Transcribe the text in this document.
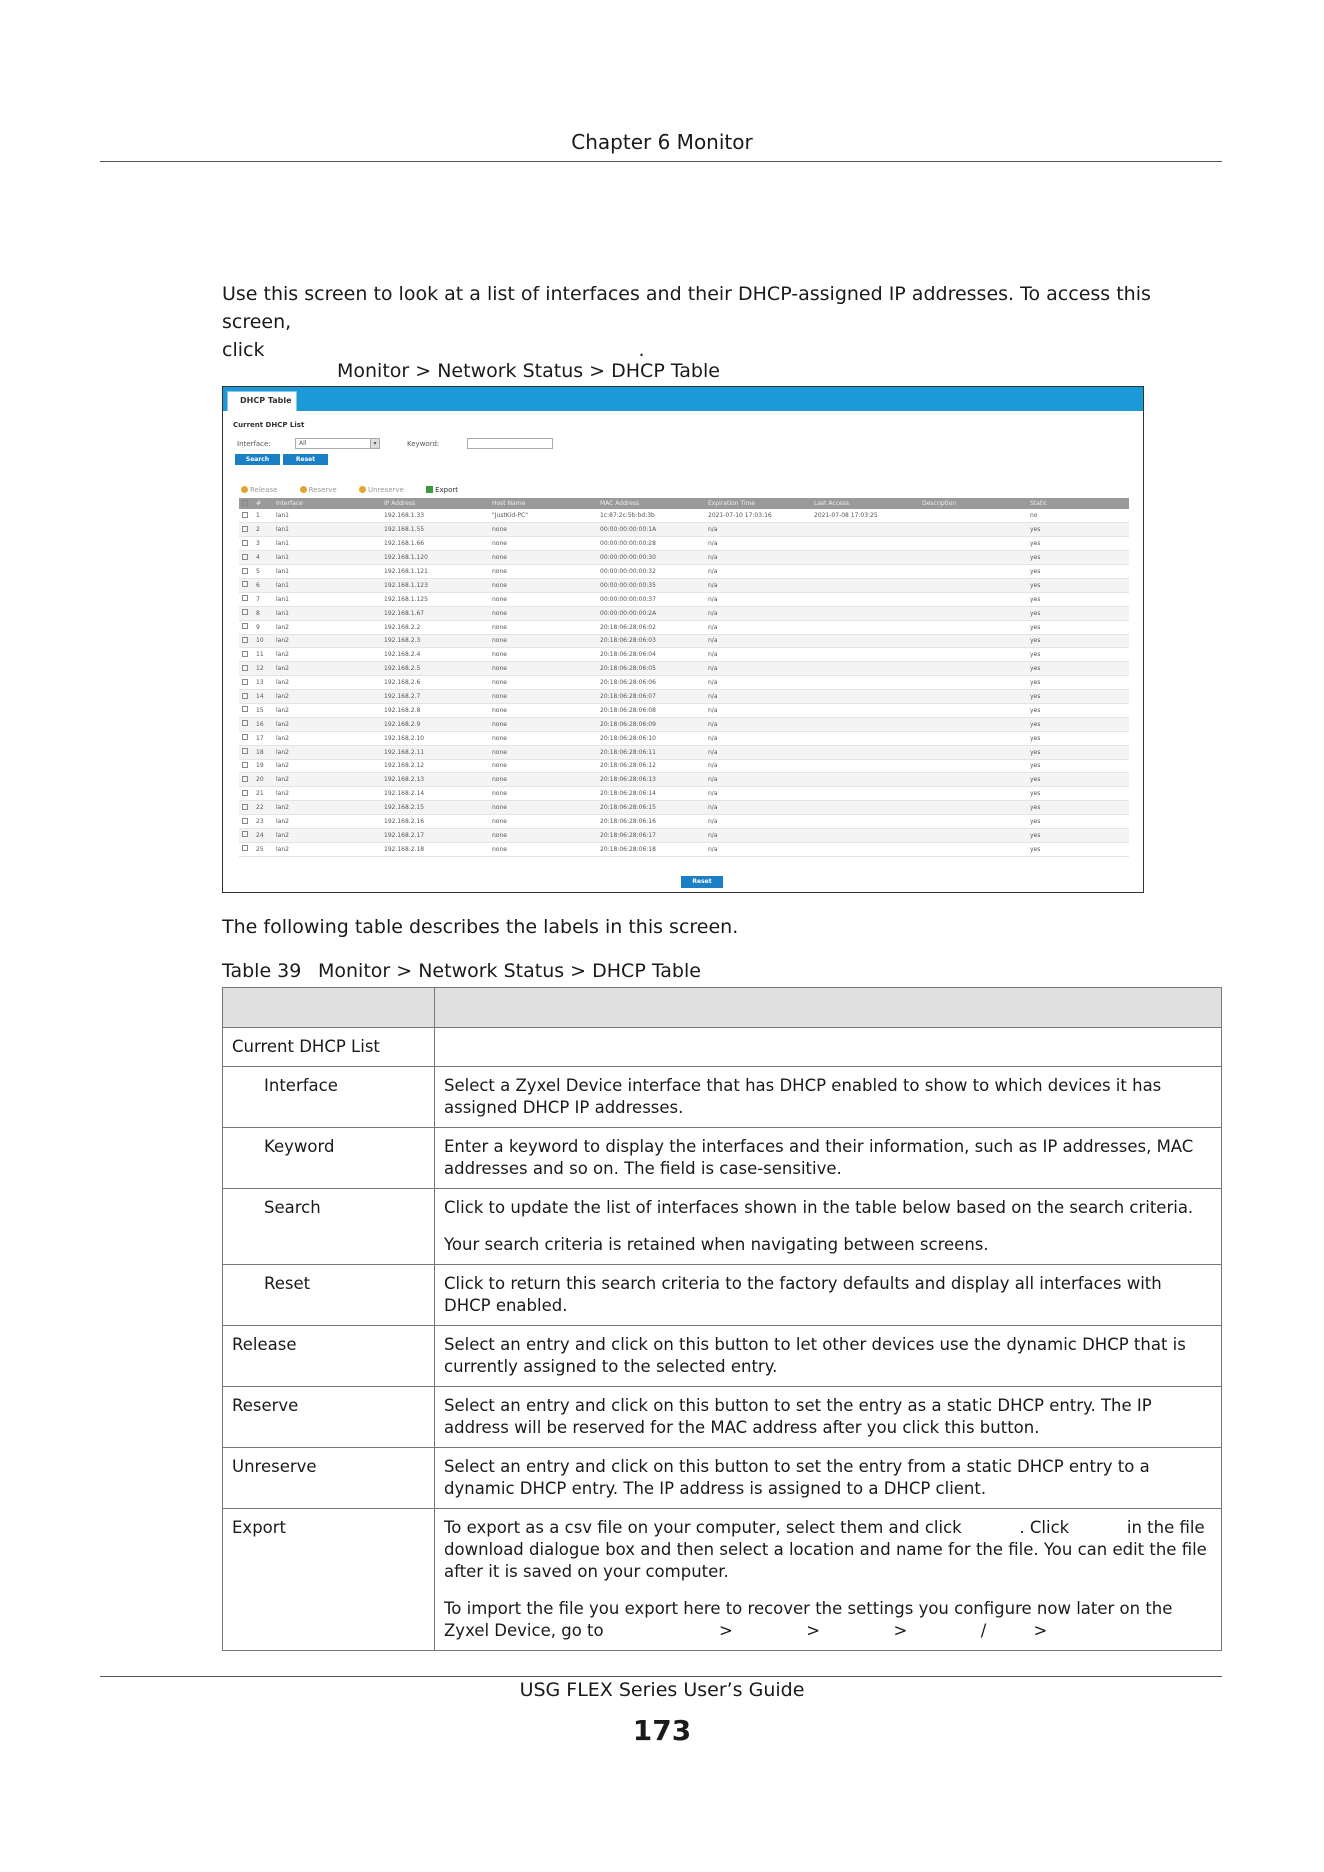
Chapter 6 Monitor
Use this screen to look at a list of interfaces and their DHCP-assigned IP addresses. To access this screen,
click	.
Monitor > Network Status > DHCP Table
DHCP Table
Current DHCP List
Interface:	All	▾	Keyword:
Search	Reset
Release	Reserve	Unreserve	Export
	#	Interface	IP Address	Host Name	MAC Address	Expiration Time	Last Access	Description	Static
	1	lan1	192.168.1.33	"JustKid-PC"	1c:87:2c:5b:bd:3b	2021-07-10 17:03:16	2021-07-08 17:03:25		no
	2	lan1	192.168.1.55	none	00:00:00:00:00:1A	n/a			yes
	3	lan1	192.168.1.66	none	00:00:00:00:00:28	n/a			yes
	4	lan1	192.168.1.120	none	00:00:00:00:00:30	n/a			yes
	5	lan1	192.168.1.121	none	00:00:00:00:00:32	n/a			yes
	6	lan1	192.168.1.123	none	00:00:00:00:00:35	n/a			yes
	7	lan1	192.168.1.125	none	00:00:00:00:00:37	n/a			yes
	8	lan1	192.168.1.67	none	00:00:00:00:00:2A	n/a			yes
	9	lan2	192.168.2.2	none	20:18:06:28:06:02	n/a			yes
	10	lan2	192.168.2.3	none	20:18:06:28:06:03	n/a			yes
	11	lan2	192.168.2.4	none	20:18:06:28:06:04	n/a			yes
	12	lan2	192.168.2.5	none	20:18:06:28:06:05	n/a			yes
	13	lan2	192.168.2.6	none	20:18:06:28:06:06	n/a			yes
	14	lan2	192.168.2.7	none	20:18:06:28:06:07	n/a			yes
	15	lan2	192.168.2.8	none	20:18:06:28:06:08	n/a			yes
	16	lan2	192.168.2.9	none	20:18:06:28:06:09	n/a			yes
	17	lan2	192.168.2.10	none	20:18:06:28:06:10	n/a			yes
	18	lan2	192.168.2.11	none	20:18:06:28:06:11	n/a			yes
	19	lan2	192.168.2.12	none	20:18:06:28:06:12	n/a			yes
	20	lan2	192.168.2.13	none	20:18:06:28:06:13	n/a			yes
	21	lan2	192.168.2.14	none	20:18:06:28:06:14	n/a			yes
	22	lan2	192.168.2.15	none	20:18:06:28:06:15	n/a			yes
	23	lan2	192.168.2.16	none	20:18:06:28:06:16	n/a			yes
	24	lan2	192.168.2.17	none	20:18:06:28:06:17	n/a			yes
	25	lan2	192.168.2.18	none	20:18:06:28:06:18	n/a			yes
Reset
The following table describes the labels in this screen.
Table 39 Monitor > Network Status > DHCP Table

Current DHCP List	

Interface	Select a Zyxel Device interface that has DHCP enabled to show to which devices it has assigned DHCP IP addresses.

Keyword	Enter a keyword to display the interfaces and their information, such as IP addresses, MAC addresses and so on. The field is case-sensitive.

Search	Click to update the list of interfaces shown in the table below based on the search criteria.

Your search criteria is retained when navigating between screens.

Reset	Click to return this search criteria to the factory defaults and display all interfaces with DHCP enabled.

Release	Select an entry and click on this button to let other devices use the dynamic DHCP that is currently assigned to the selected entry.

Reserve	Select an entry and click on this button to set the entry as a static DHCP entry. The IP address will be reserved for the MAC address after you click this button.

Unreserve	Select an entry and click on this button to set the entry from a static DHCP entry to a dynamic DHCP entry. The IP address is assigned to a DHCP client.

Export	To export as a csv file on your computer, select them and click           . Click           in the file download dialogue box and then select a location and name for the file. You can edit the file after it is saved on your computer.

To import the file you export here to recover the settings you configure now later on the Zyxel Device, go to                      >              >              >              /         >

USG FLEX Series User’s Guide
173
